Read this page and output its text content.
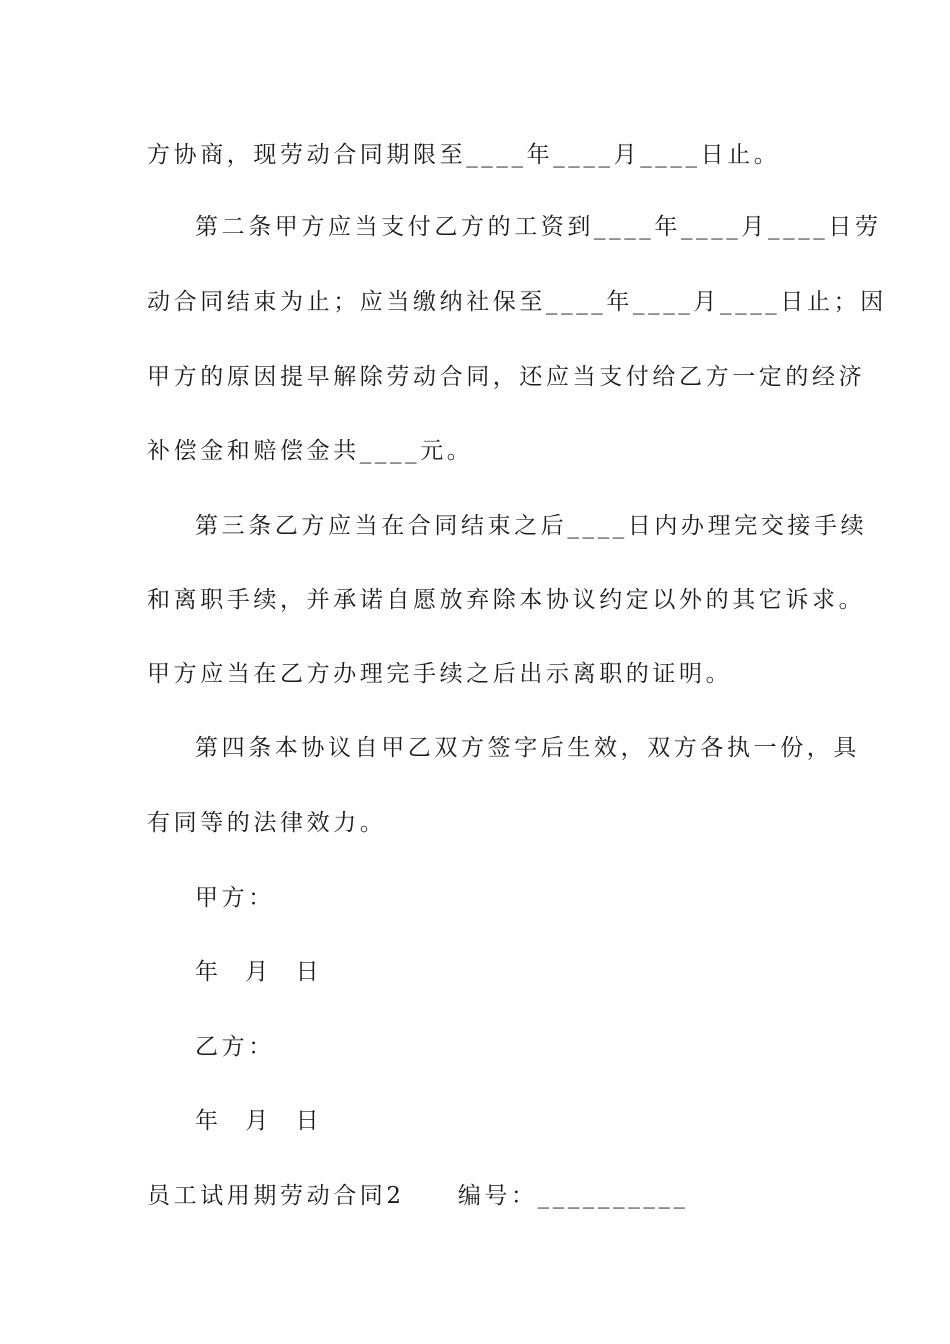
方协商，现劳动合同期限至____年____月____日止。
第二条甲方应当支付乙方的工资到____年____月____日劳
动合同结束为止；应当缴纳社保至____年____月____日止；因
甲方的原因提早解除劳动合同，还应当支付给乙方一定的经济
补偿金和赔偿金共____元。
第三条乙方应当在合同结束之后____日内办理完交接手续
和离职手续，并承诺自愿放弃除本协议约定以外的其它诉求。
甲方应当在乙方办理完手续之后出示离职的证明。
第四条本协议自甲乙双方签字后生效，双方各执一份，具
有同等的法律效力。
甲方：
年 月 日
乙方：
年 月 日
员工试用期劳动合同2　　编号：__________
